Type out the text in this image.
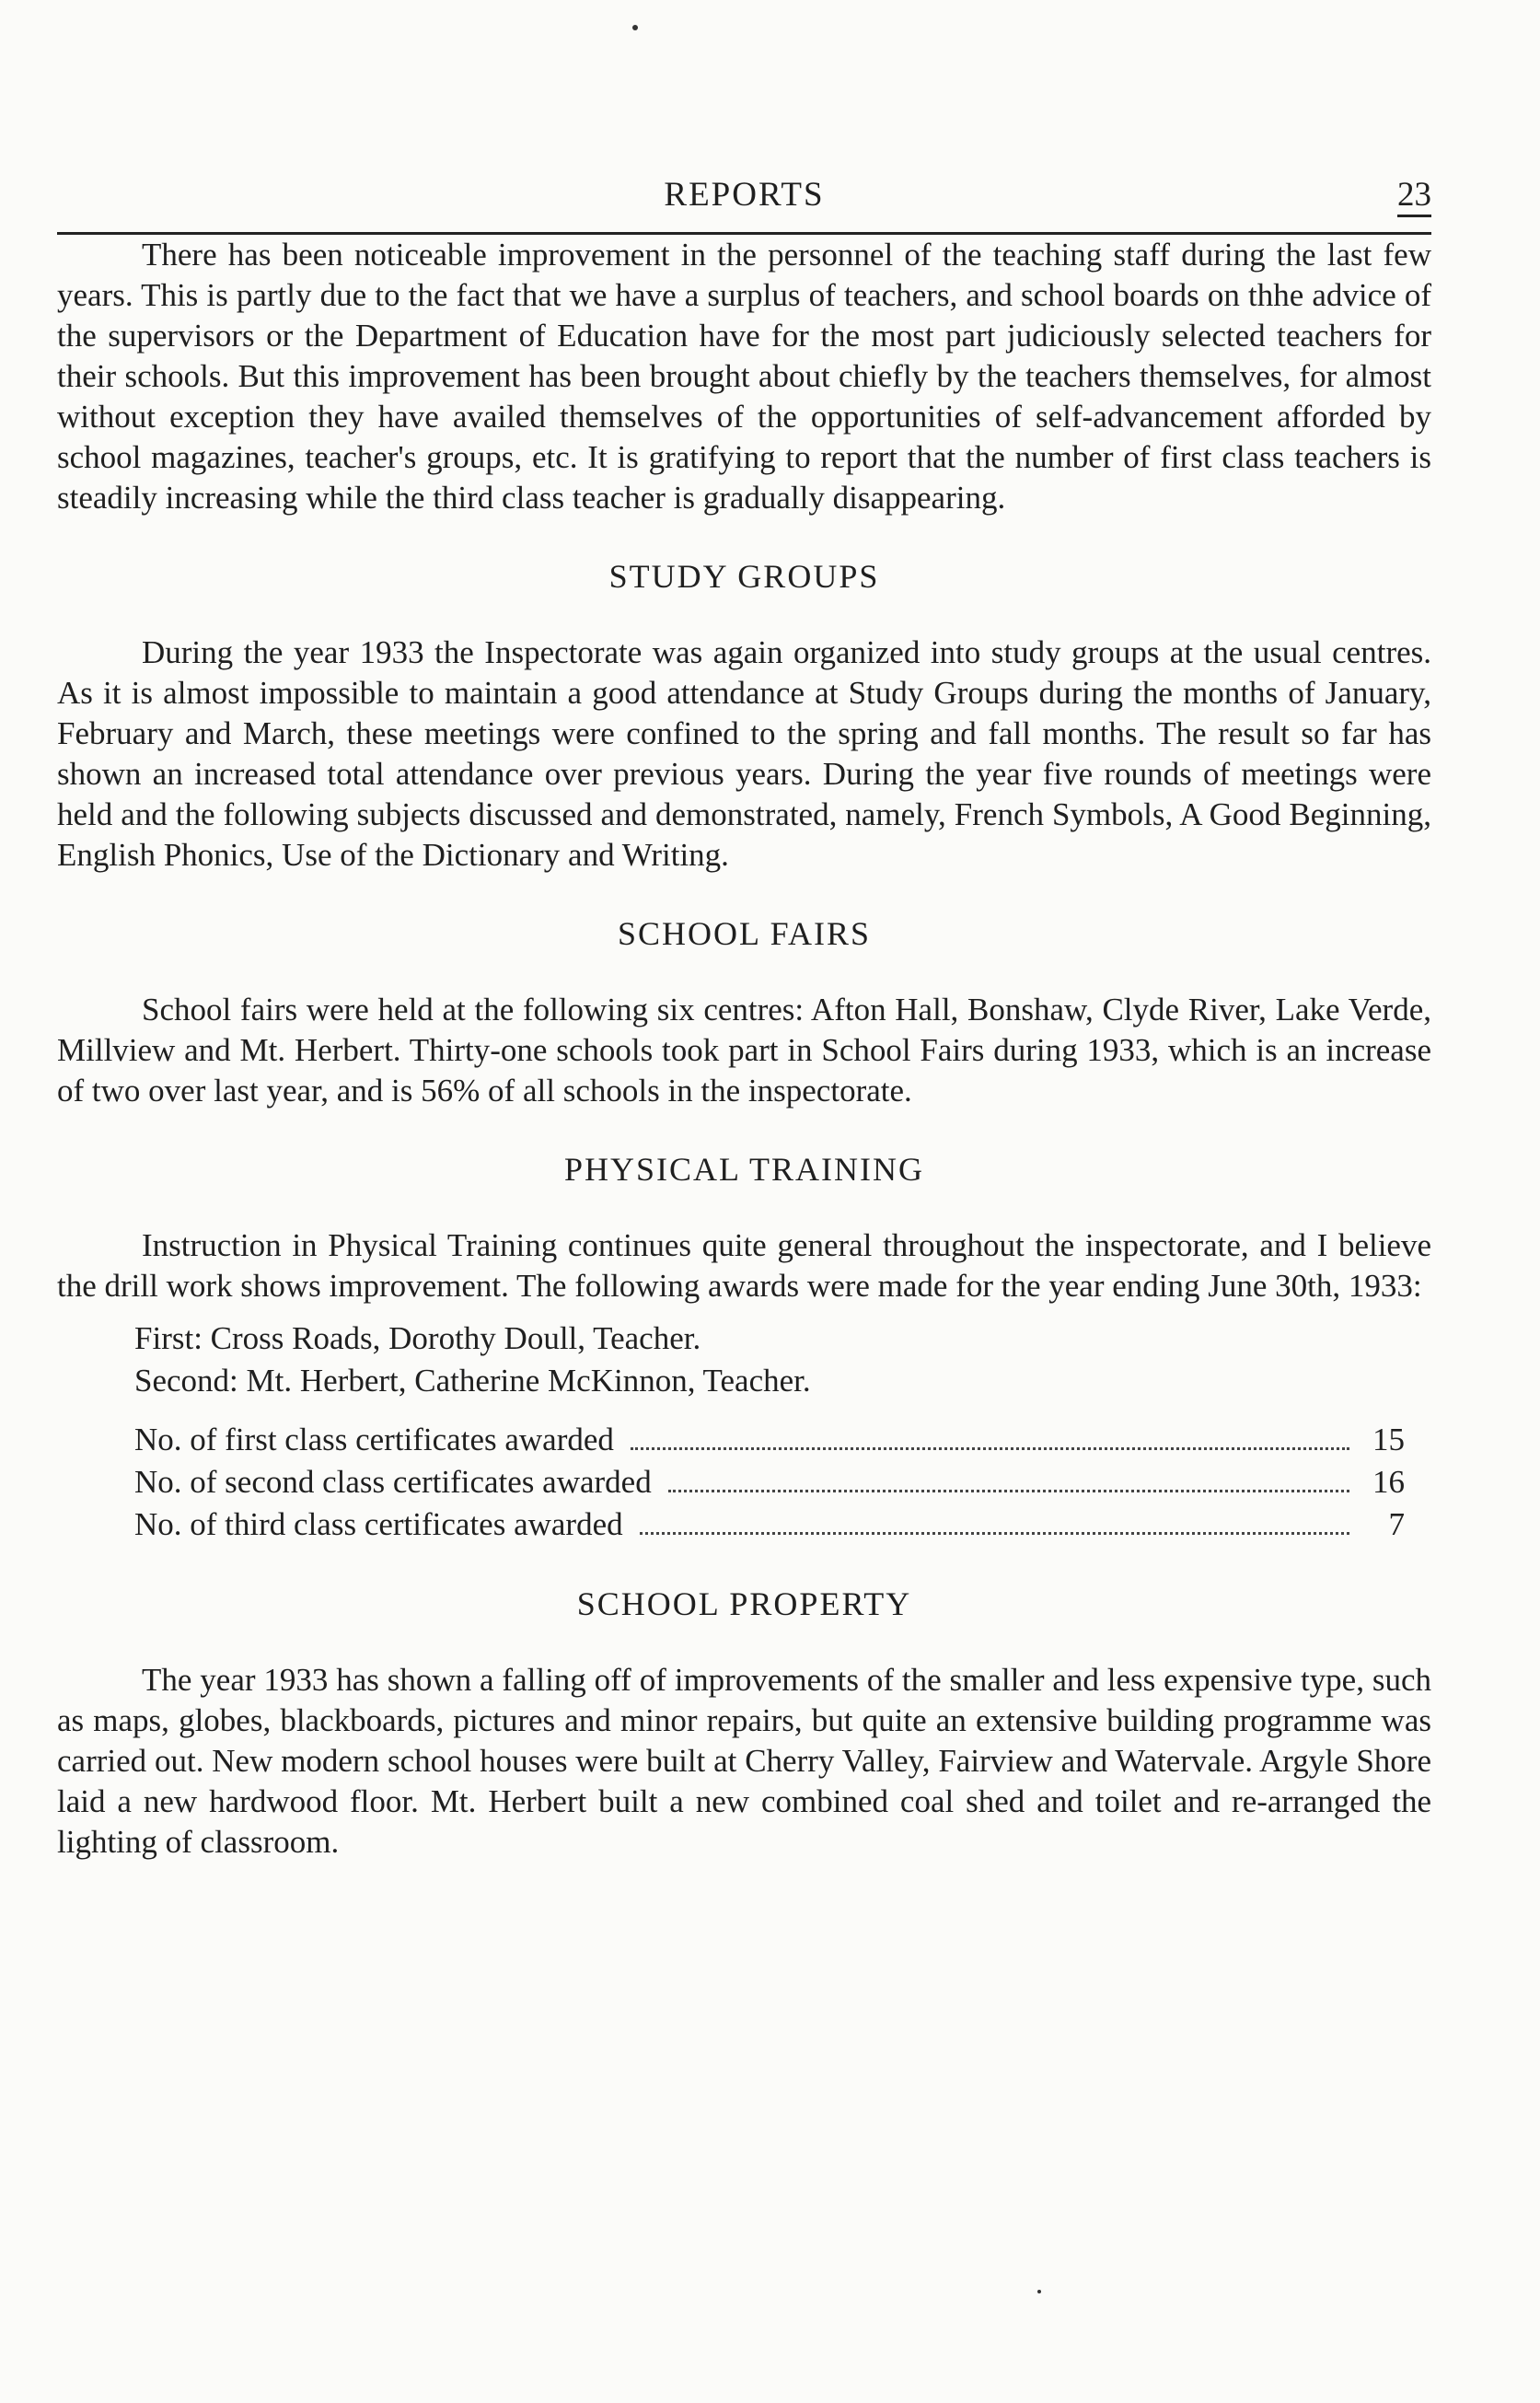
REPORTS	23

There has been noticeable improvement in the personnel of the teaching staff during the last few years. This is partly due to the fact that we have a surplus of teachers, and school boards on thhe advice of the supervisors or the Department of Education have for the most part judiciously selected teachers for their schools. But this improvement has been brought about chiefly by the teachers themselves, for almost without exception they have availed themselves of the opportunities of self-advancement afforded by school magazines, teacher's groups, etc. It is gratifying to report that the number of first class teachers is steadily increasing while the third class teacher is gradually disappearing.

STUDY GROUPS

During the year 1933 the Inspectorate was again organized into study groups at the usual centres. As it is almost impossible to maintain a good attendance at Study Groups during the months of January, February and March, these meetings were confined to the spring and fall months. The result so far has shown an increased total attendance over previous years. During the year five rounds of meetings were held and the following subjects discussed and demonstrated, namely, French Symbols, A Good Beginning, English Phonics, Use of the Dictionary and Writing.

SCHOOL FAIRS

School fairs were held at the following six centres: Afton Hall, Bonshaw, Clyde River, Lake Verde, Millview and Mt. Herbert. Thirty-one schools took part in School Fairs during 1933, which is an increase of two over last year, and is 56% of all schools in the inspectorate.

PHYSICAL TRAINING

Instruction in Physical Training continues quite general throughout the inspectorate, and I believe the drill work shows improvement. The following awards were made for the year ending June 30th, 1933:

First: Cross Roads, Dorothy Doull, Teacher.
Second: Mt. Herbert, Catherine McKinnon, Teacher.
No. of first class certificates awarded	15
No. of second class certificates awarded	16
No. of third class certificates awarded	7
SCHOOL PROPERTY

The year 1933 has shown a falling off of improvements of the smaller and less expensive type, such as maps, globes, blackboards, pictures and minor repairs, but quite an extensive building programme was carried out. New modern school houses were built at Cherry Valley, Fairview and Watervale. Argyle Shore laid a new hardwood floor. Mt. Herbert built a new combined coal shed and toilet and re-arranged the lighting of classroom.
